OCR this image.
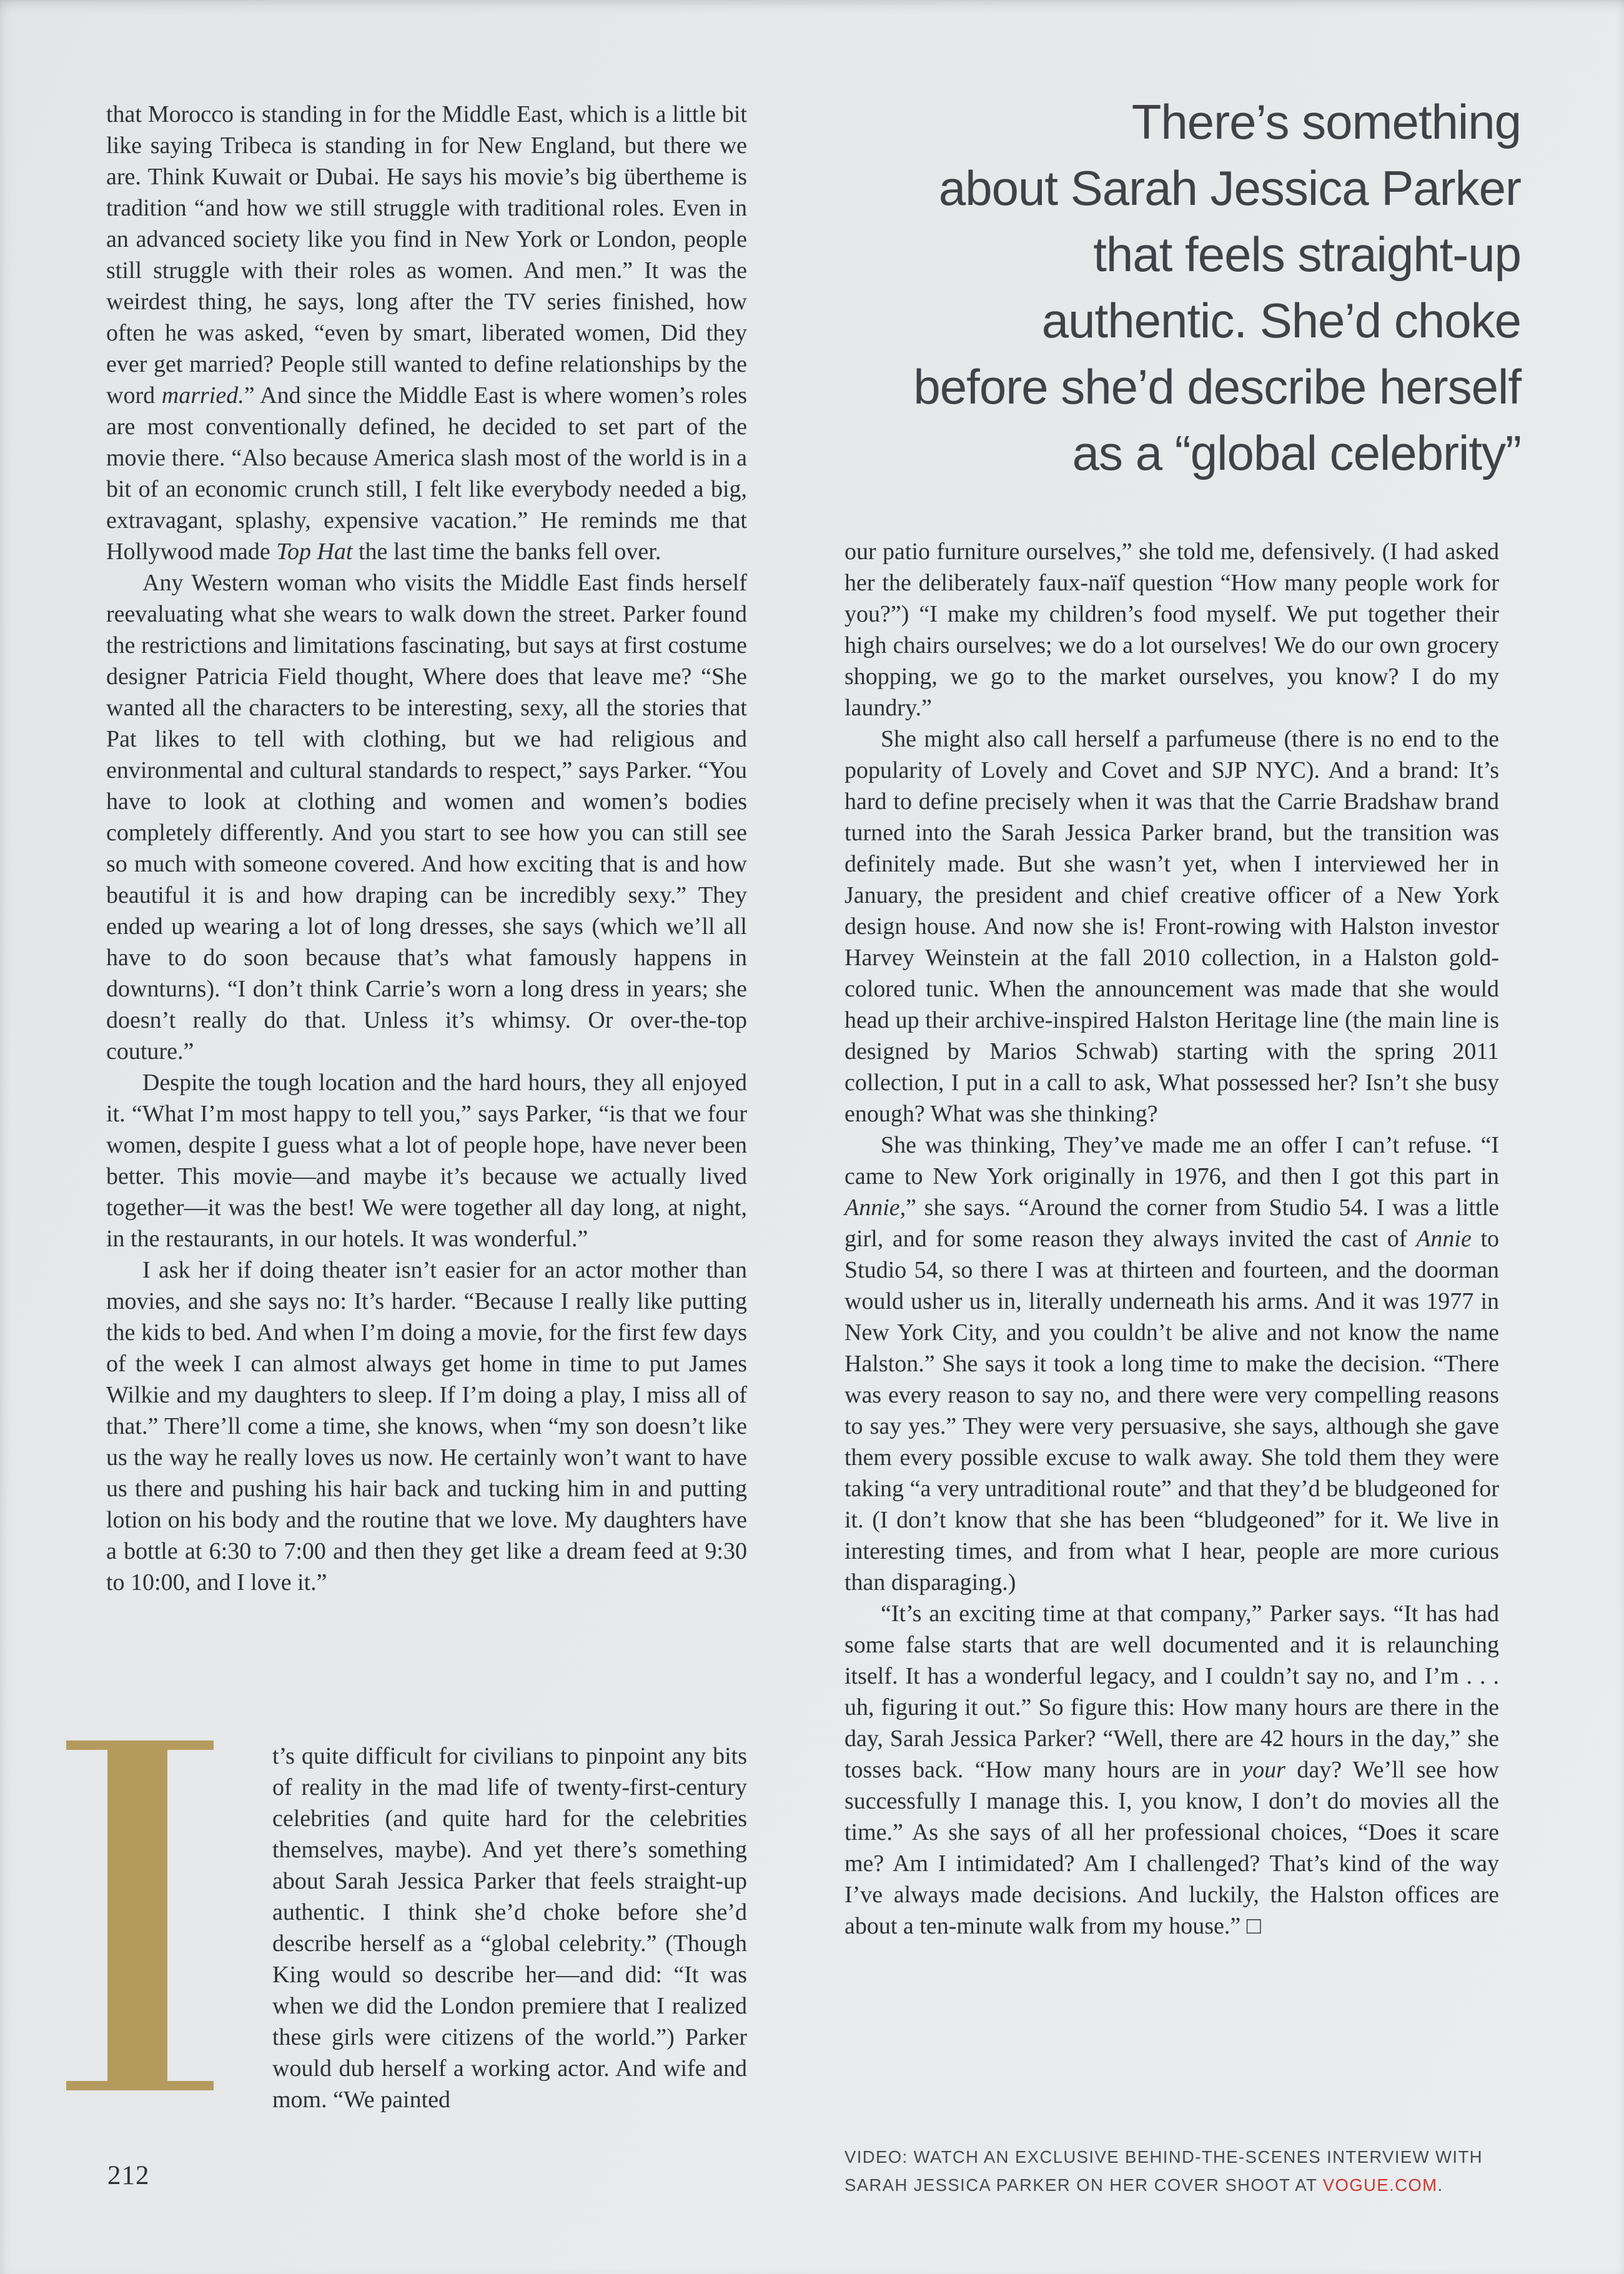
There’s something
about Sarah Jessica Parker
that feels straight-up
authentic. She’d choke
before she’d describe herself
as a “global celebrity”

that Morocco is standing in for the Middle East, which is a little bit like saying Tribeca is standing in for New England, but there we are. Think Kuwait or Dubai. He says his movie’s big übertheme is tradition “and how we still struggle with traditional roles. Even in an advanced society like you find in New York or London, people still struggle with their roles as women. And men.” It was the weirdest thing, he says, long after the TV series finished, how often he was asked, “even by smart, liberated women, Did they ever get married? People still wanted to define relationships by the word married.” And since the Middle East is where women’s roles are most conventionally defined, he decided to set part of the movie there. “Also because America slash most of the world is in a bit of an economic crunch still, I felt like everybody needed a big, extravagant, splashy, expensive vacation.” He reminds me that Hollywood made Top Hat the last time the banks fell over.

Any Western woman who visits the Middle East finds herself reevaluating what she wears to walk down the street. Parker found the restrictions and limitations fascinating, but says at first costume designer Patricia Field thought, Where does that leave me? “She wanted all the characters to be interesting, sexy, all the stories that Pat likes to tell with clothing, but we had religious and environmental and cultural standards to respect,” says Parker. “You have to look at clothing and women and women’s bodies completely differently. And you start to see how you can still see so much with someone covered. And how exciting that is and how beautiful it is and how draping can be incredibly sexy.” They ended up wearing a lot of long dresses, she says (which we’ll all have to do soon because that’s what famously happens in downturns). “I don’t think Carrie’s worn a long dress in years; she doesn’t really do that. Unless it’s whimsy. Or over-the-top couture.”

Despite the tough location and the hard hours, they all enjoyed it. “What I’m most happy to tell you,” says Parker, “is that we four women, despite I guess what a lot of people hope, have never been better. This movie—and maybe it’s because we actually lived together—it was the best! We were together all day long, at night, in the restaurants, in our hotels. It was wonderful.”

I ask her if doing theater isn’t easier for an actor mother than movies, and she says no: It’s harder. “Because I really like putting the kids to bed. And when I’m doing a movie, for the first few days of the week I can almost always get home in time to put James Wilkie and my daughters to sleep. If I’m doing a play, I miss all of that.” There’ll come a time, she knows, when “my son doesn’t like us the way he really loves us now. He certainly won’t want to have us there and pushing his hair back and tucking him in and putting lotion on his body and the routine that we love. My daughters have a bottle at 6:30 to 7:00 and then they get like a dream feed at 9:30 to 10:00, and I love it.”

our patio furniture ourselves,” she told me, defensively. (I had asked her the deliberately faux-naïf question “How many people work for you?”) “I make my children’s food myself. We put together their high chairs ourselves; we do a lot ourselves! We do our own grocery shopping, we go to the market ourselves, you know? I do my laundry.”

She might also call herself a parfumeuse (there is no end to the popularity of Lovely and Covet and SJP NYC). And a brand: It’s hard to define precisely when it was that the Carrie Bradshaw brand turned into the Sarah Jessica Parker brand, but the transition was definitely made. But she wasn’t yet, when I interviewed her in January, the president and chief creative officer of a New York design house. And now she is! Front-rowing with Halston investor Harvey Weinstein at the fall 2010 collection, in a Halston gold-colored tunic. When the announcement was made that she would head up their archive-inspired Halston Heritage line (the main line is designed by Marios Schwab) starting with the spring 2011 collection, I put in a call to ask, What possessed her? Isn’t she busy enough? What was she thinking?

She was thinking, They’ve made me an offer I can’t refuse. “I came to New York originally in 1976, and then I got this part in Annie,” she says. “Around the corner from Studio 54. I was a little girl, and for some reason they always invited the cast of Annie to Studio 54, so there I was at thirteen and fourteen, and the doorman would usher us in, literally underneath his arms. And it was 1977 in New York City, and you couldn’t be alive and not know the name Halston.” She says it took a long time to make the decision. “There was every reason to say no, and there were very compelling reasons to say yes.” They were very persuasive, she says, although she gave them every possible excuse to walk away. She told them they were taking “a very untraditional route” and that they’d be bludgeoned for it. (I don’t know that she has been “bludgeoned” for it. We live in interesting times, and from what I hear, people are more curious than disparaging.)

“It’s an exciting time at that company,” Parker says. “It has had some false starts that are well documented and it is relaunching itself. It has a wonderful legacy, and I couldn’t say no, and I’m . . . uh, figuring it out.” So figure this: How many hours are there in the day, Sarah Jessica Parker? “Well, there are 42 hours in the day,” she tosses back. “How many hours are in your day? We’ll see how successfully I manage this. I, you know, I don’t do movies all the time.” As she says of all her professional choices, “Does it scare me? Am I intimidated? Am I challenged? That’s kind of the way I’ve always made decisions. And luckily, the Halston offices are about a ten-minute walk from my house.” □

t’s quite difficult for civilians to pinpoint any bits of reality in the mad life of twenty-first-century celebrities (and quite hard for the celebrities themselves, maybe). And yet there’s something about Sarah Jessica Parker that feels straight-up authentic. I think she’d choke before she’d describe herself as a “global celebrity.” (Though King would so describe her—and did: “It was when we did the London premiere that I realized these girls were citizens of the world.”) Parker would dub herself a working actor. And wife and mom. “We painted
212
VIDEO: WATCH AN EXCLUSIVE BEHIND-THE-SCENES INTERVIEW WITH
SARAH JESSICA PARKER ON HER COVER SHOOT AT VOGUE.COM.
